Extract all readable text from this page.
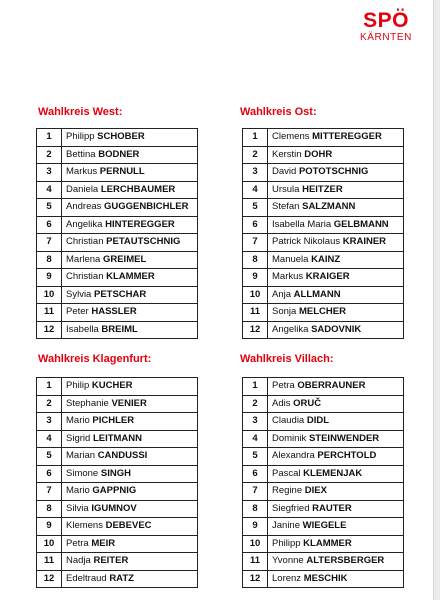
SPÖ
KÄRNTEN
Wahlkreis West:
1	Philipp SCHOBER
2	Bettina BODNER
3	Markus PERNULL
4	Daniela LERCHBAUMER
5	Andreas GUGGENBICHLER
6	Angelika HINTEREGGER
7	Christian PETAUTSCHNIG
8	Marlena GREIMEL
9	Christian KLAMMER
10	Sylvia PETSCHAR
11	Peter HASSLER
12	Isabella BREIML
Wahlkreis Ost:
1	Clemens MITTEREGGER
2	Kerstin DOHR
3	David POTOTSCHNIG
4	Ursula HEITZER
5	Stefan SALZMANN
6	Isabella Maria GELBMANN
7	Patrick Nikolaus KRAINER
8	Manuela KAINZ
9	Markus KRAIGER
10	Anja ALLMANN
11	Sonja MELCHER
12	Angelika SADOVNIK
Wahlkreis Klagenfurt:
1	Philip KUCHER
2	Stephanie VENIER
3	Mario PICHLER
4	Sigrid LEITMANN
5	Marian CANDUSSI
6	Simone SINGH
7	Mario GAPPNIG
8	Silvia IGUMNOV
9	Klemens DEBEVEC
10	Petra MEIR
11	Nadja REITER
12	Edeltraud RATZ
Wahlkreis Villach:
1	Petra OBERRAUNER
2	Adis ORUČ
3	Claudia DIDL
4	Dominik STEINWENDER
5	Alexandra PERCHTOLD
6	Pascal KLEMENJAK
7	Regine DIEX
8	Siegfried RAUTER
9	Janine WIEGELE
10	Philipp KLAMMER
11	Yvonne ALTERSBERGER
12	Lorenz MESCHIK
